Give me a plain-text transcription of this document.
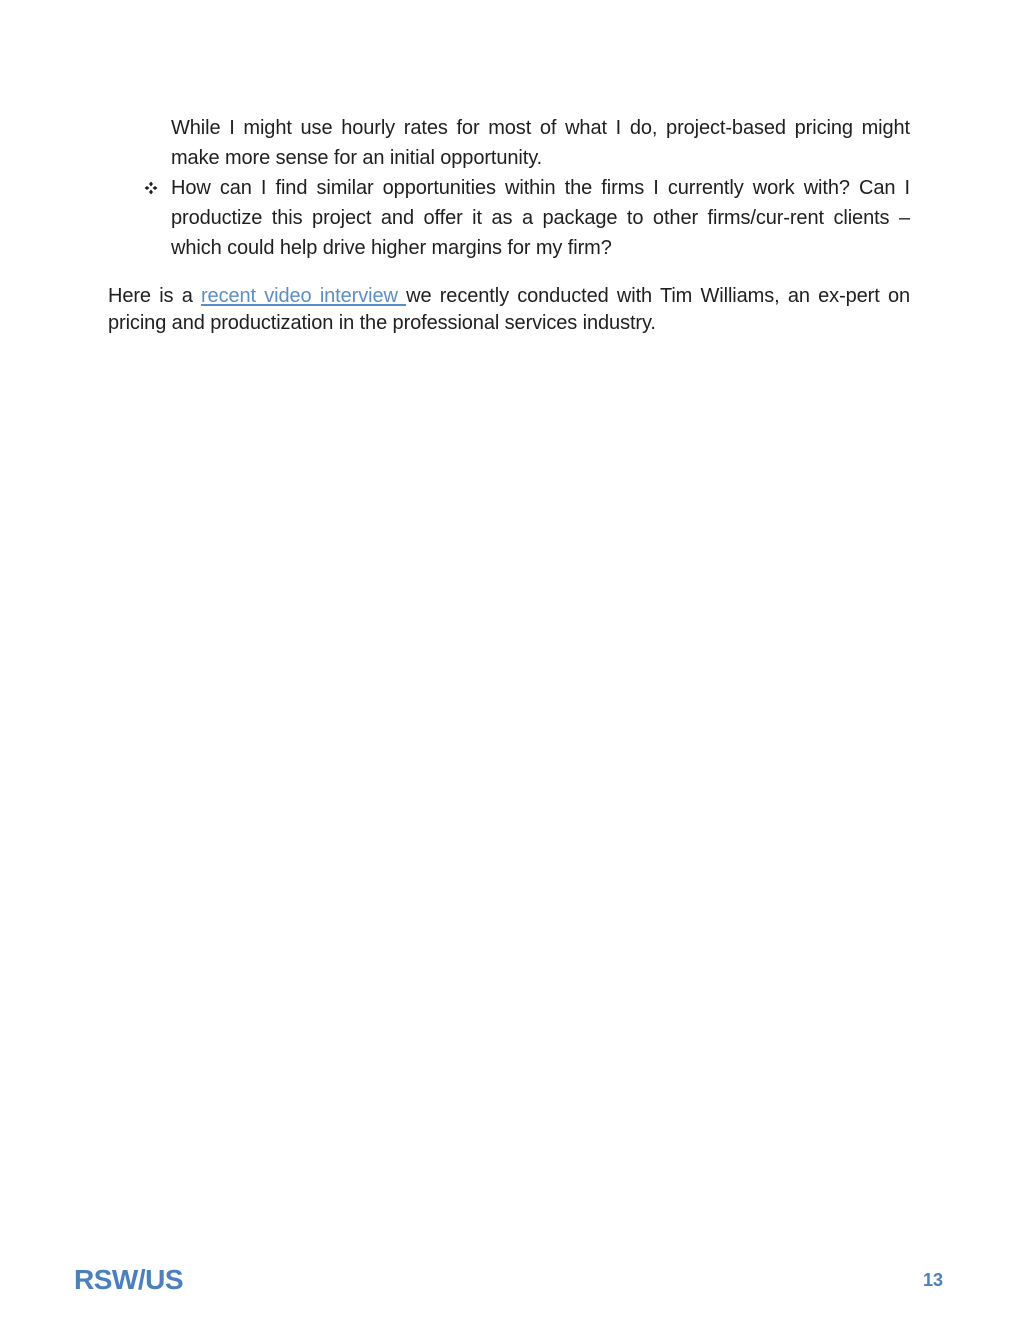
While I might use hourly rates for most of what I do, project-based pricing might make more sense for an initial opportunity.
How can I find similar opportunities within the firms I currently work with? Can I productize this project and offer it as a package to other firms/cur-rent clients – which could help drive higher margins for my firm?
Here is a recent video interview we recently conducted with Tim Williams, an ex-pert on pricing and productization in the professional services industry.
RSW/US	13
